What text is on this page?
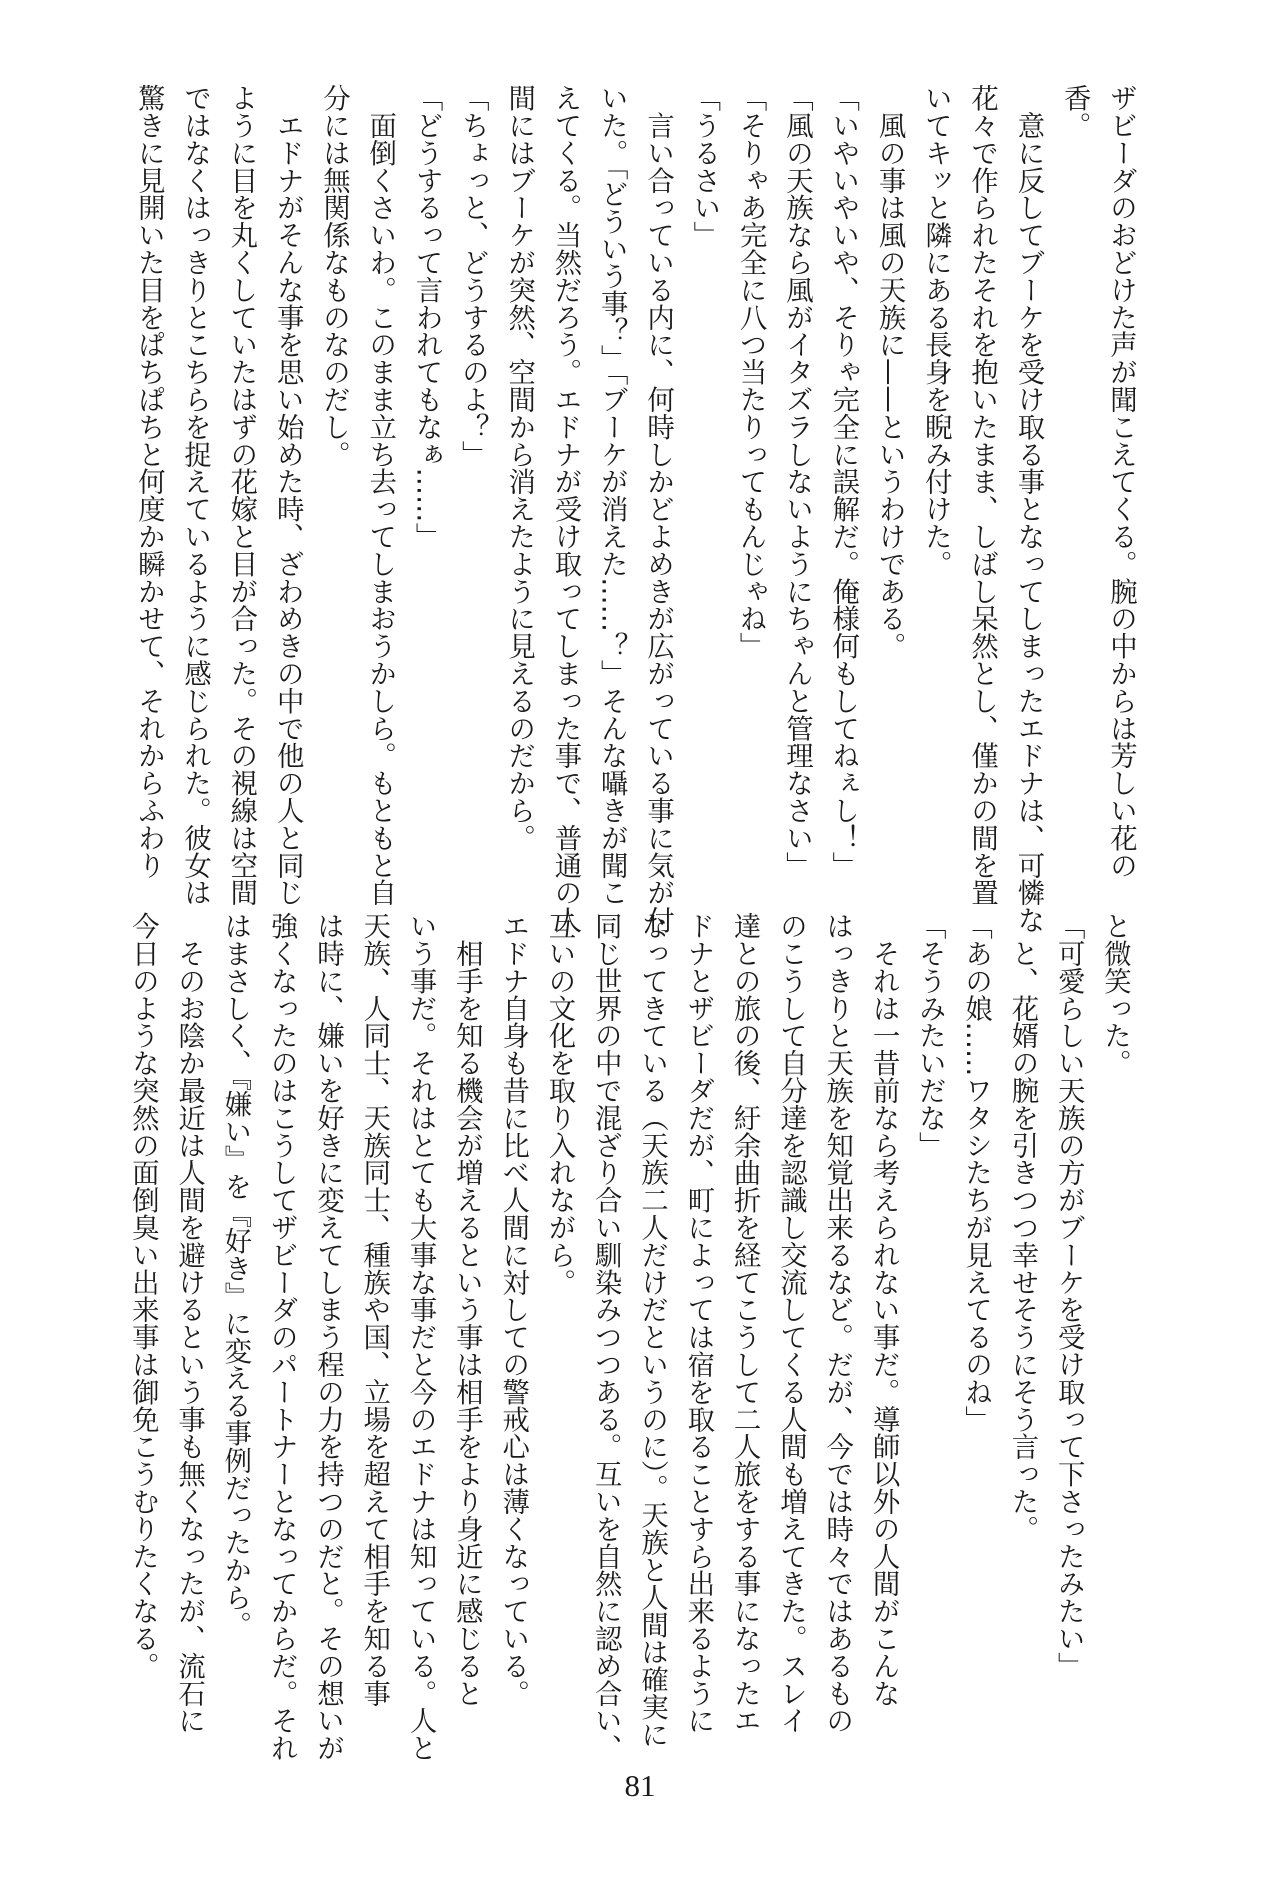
ザビーダのおどけた声が聞こえてくる。腕の中からは芳しい花の
香。
　意に反してブーケを受け取る事となってしまったエドナは、可憐な
花々で作られたそれを抱いたまま、しばし呆然とし、僅かの間を置
いてキッと隣にある長身を睨み付けた。
　風の事は風の天族に——というわけである。
「いやいやいや、そりゃ完全に誤解だ。俺様何もしてねぇし！」
「風の天族なら風がイタズラしないようにちゃんと管理なさい」
「そりゃあ完全に八つ当たりってもんじゃね」
「うるさい」
　言い合っている内に、何時しかどよめきが広がっている事に気が付
いた。「どういう事？」「ブーケが消えた……？」そんな囁きが聞こ
えてくる。当然だろう。エドナが受け取ってしまった事で、普通の人
間にはブーケが突然、空間から消えたように見えるのだから。
「ちょっと、どうするのよ？」
「どうするって言われてもなぁ……」
　面倒くさいわ。このまま立ち去ってしまおうかしら。もともと自
分には無関係なものなのだし。
　エドナがそんな事を思い始めた時、ざわめきの中で他の人と同じ
ように目を丸くしていたはずの花嫁と目が合った。その視線は空間
ではなくはっきりとこちらを捉えているように感じられた。彼女は
驚きに見開いた目をぱちぱちと何度か瞬かせて、それからふわり
と微笑った。
「可愛らしい天族の方がブーケを受け取って下さったみたい」
　と、花婿の腕を引きつつ幸せそうにそう言った。
「あの娘……ワタシたちが見えてるのね」
「そうみたいだな」
　それは一昔前なら考えられない事だ。導師以外の人間がこんな
はっきりと天族を知覚出来るなど。だが、今では時々ではあるもの
のこうして自分達を認識し交流してくる人間も増えてきた。スレイ
達との旅の後、紆余曲折を経てこうして二人旅をする事になったエ
ドナとザビーダだが、町によっては宿を取ることすら出来るように
なってきている（天族二人だけだというのに）。天族と人間は確実に
同じ世界の中で混ざり合い馴染みつつある。互いを自然に認め合い、
互いの文化を取り入れながら。
エドナ自身も昔に比べ人間に対しての警戒心は薄くなっている。
　相手を知る機会が増えるという事は相手をより身近に感じると
いう事だ。それはとても大事な事だと今のエドナは知っている。人と
天族、人同士、天族同士、種族や国、立場を超えて相手を知る事
は時に、嫌いを好きに変えてしまう程の力を持つのだと。その想いが
強くなったのはこうしてザビーダのパートナーとなってからだ。それ
はまさしく、『嫌い』を『好き』に変える事例だったから。
　そのお陰か最近は人間を避けるという事も無くなったが、流石に
今日のような突然の面倒臭い出来事は御免こうむりたくなる。
81
